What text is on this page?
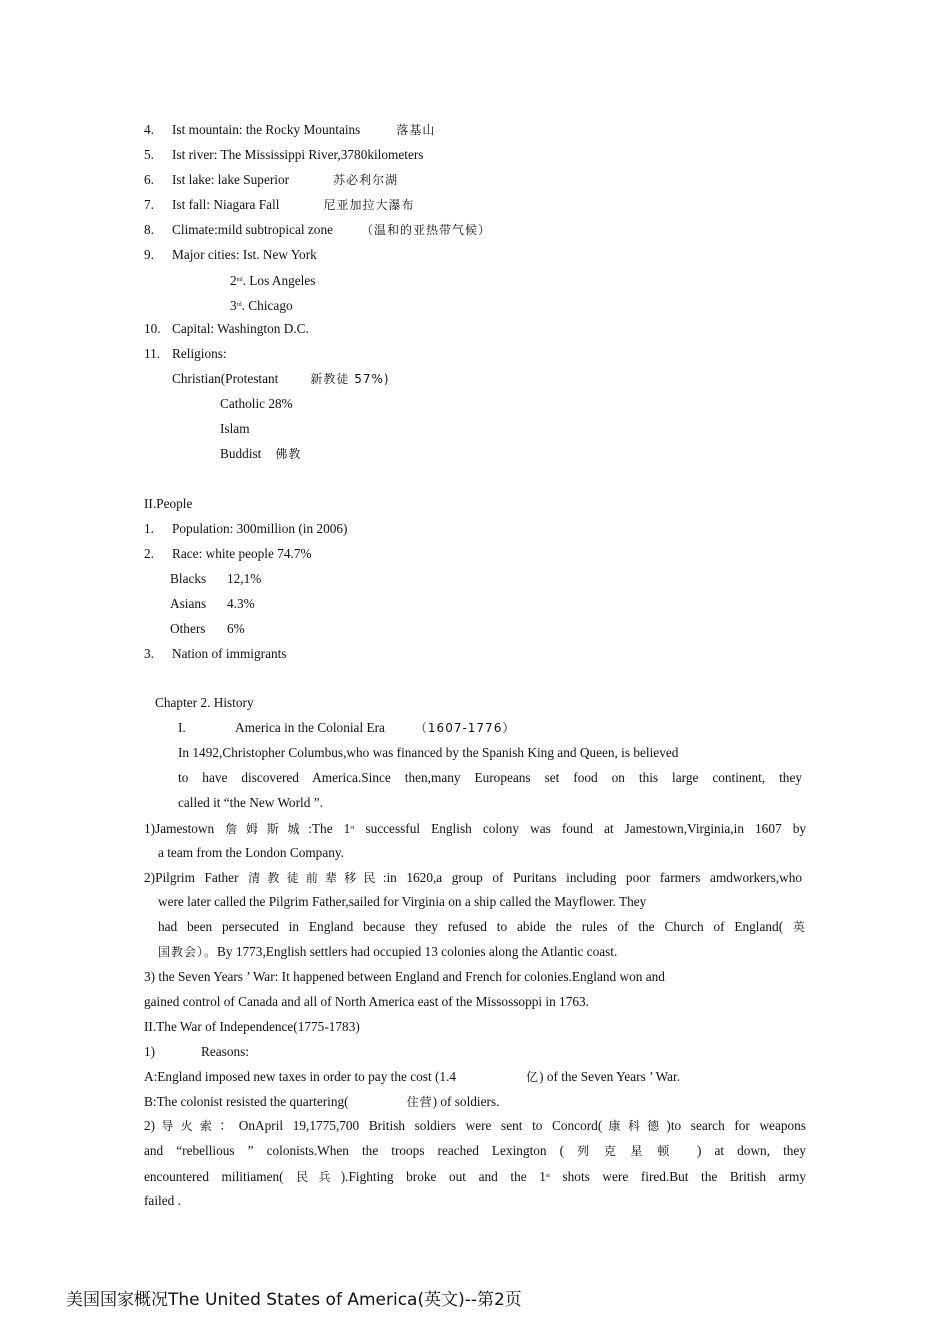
4. Ist mountain: the Rocky Mountains	落基山
5. Ist river: The Mississippi River,3780kilometers
6. Ist lake: lake Superior	苏必利尔湖
7. Ist fall: Niagara Fall	尼亚加拉大瀑布
8. Climate:mild subtropical zone （温和的亚热带气候）
9. Major cities: Ist. New York
2nd. Los Angeles
3rd. Chicago
10. Capital: Washington D.C.
11. Religions:
Christian(Protestant	新教徒 57%)
Catholic 28%
Islam
Buddist 佛教
II.People
1. Population: 300million (in 2006)
2. Race: white people 74.7%
Blacks 12,1%
Asians 4.3%
Others 6%
3. Nation of immigrants
Chapter 2. History
I.	America in the Colonial Era	（1607-1776）
In 1492,Christopher Columbus,who was financed by the Spanish King and Queen, is believed
to have discovered America.Since then,many Europeans set food on this large continent, they
called it “the New World ”.
1)Jamestown 詹姆斯城:The 1st successful English colony was found at Jamestown,Virginia,in 1607 by
a team from the London Company.
2)Pilgrim Father 清教徒前辈移民:in 1620,a group of Puritans including poor farmers amdworkers,who
were later called the Pilgrim Father,sailed for Virginia on a ship called the Mayflower. They
had been persecuted in England because they refused to abide the rules of the Church of England( 英
国教会）。By 1773,English settlers had occupied 13 colonies along the Atlantic coast.
3) the Seven Years ’ War: It happened between England and French for colonies.England won and
gained control of Canada and all of North America east of the Missossoppi in 1763.
II.The War of Independence(1775-1783)
1)	Reasons:
A:England imposed new taxes in order to pay the cost (1.4	亿) of the Seven Years ’ War.
B:The colonist resisted the quartering(	住营) of soldiers.
2)导火索：OnApril 19,1775,700 British soldiers were sent to Concord(康科德)to search for weapons
and “rebellious ” colonists.When the troops reached Lexington ( 列克星顿 ) at down, they
encountered militiamen( 民兵).Fighting broke out and the 1st shots were fired.But the British army
failed .
美国国家概况The United States of America(英文)--第2页
